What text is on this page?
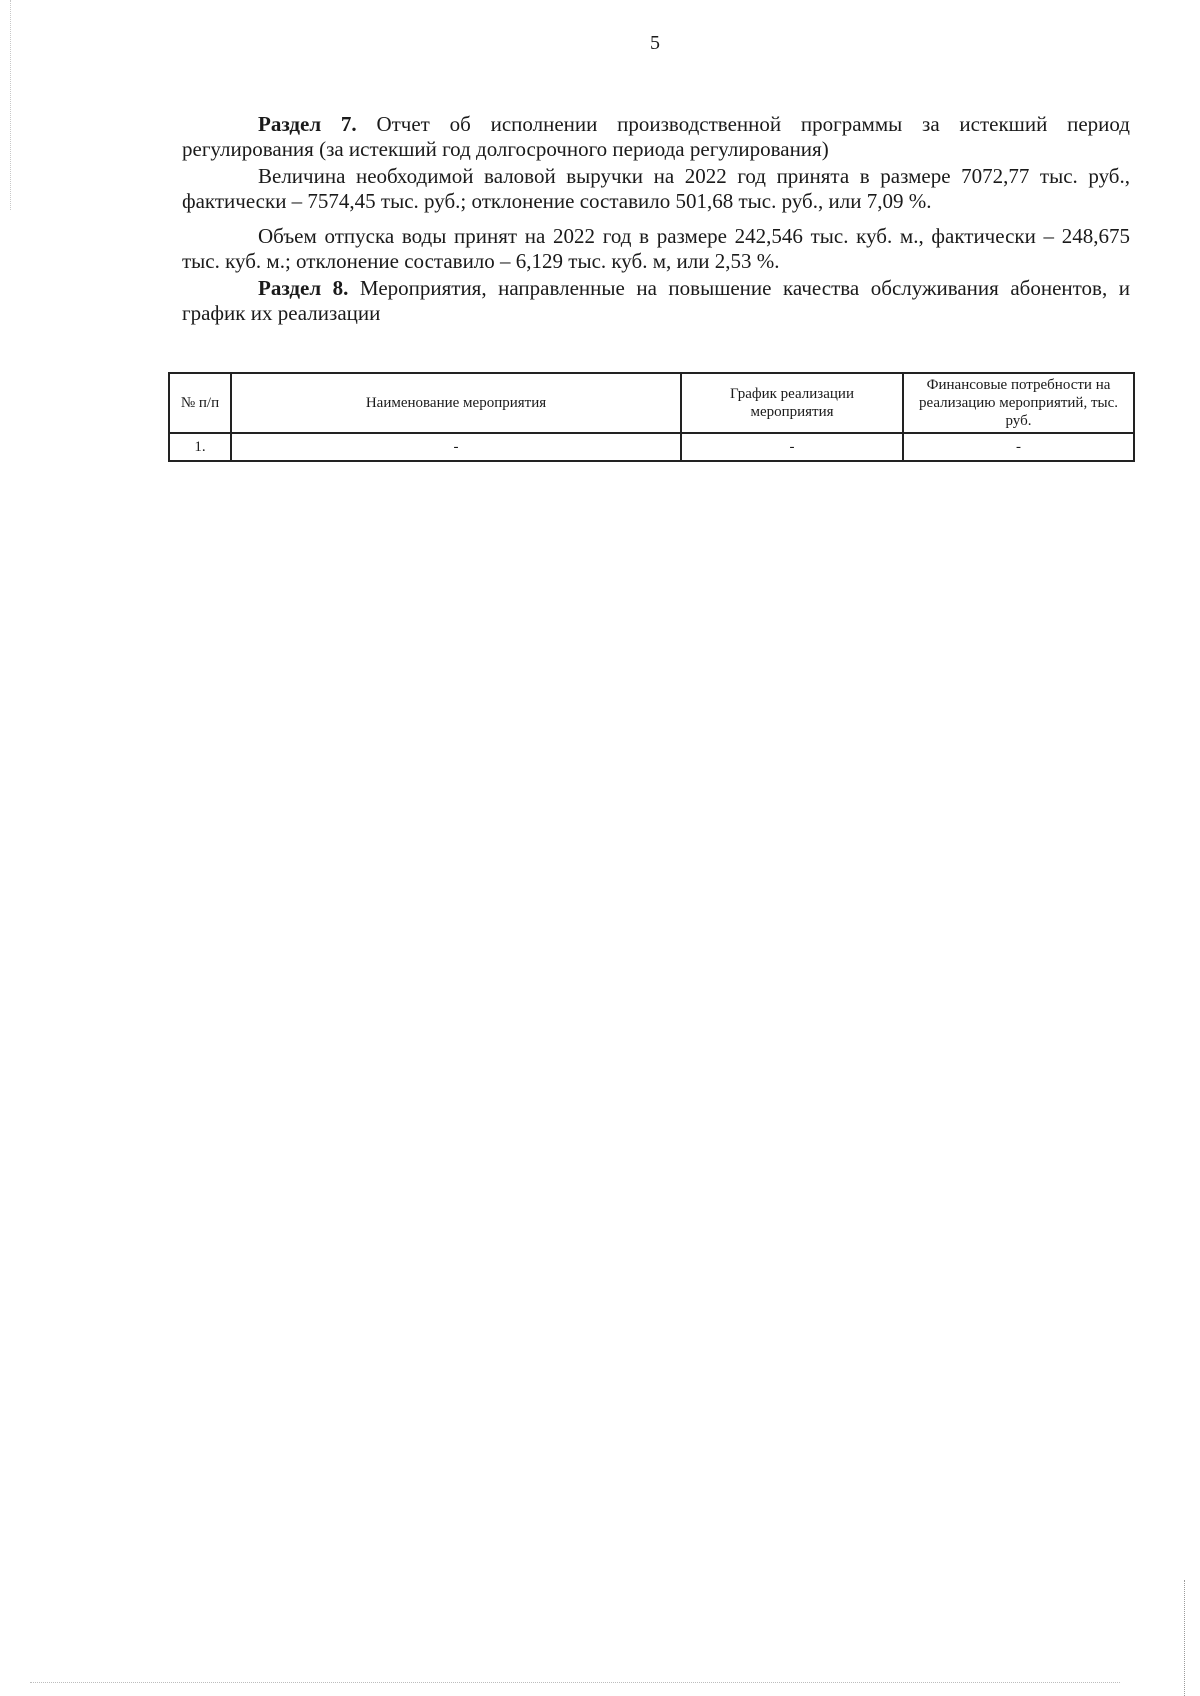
5

Раздел 7. Отчет об исполнении производственной программы за истекший период регулирования (за истекший год долгосрочного периода регулирования)

Величина необходимой валовой выручки на 2022 год принята в размере 7072,77 тыс. руб., фактически – 7574,45 тыс. руб.; отклонение составило 501,68 тыс. руб., или 7,09 %.

Объем отпуска воды принят на 2022 год в размере 242,546 тыс. куб. м., фактически – 248,675 тыс. куб. м.; отклонение составило – 6,129 тыс. куб. м, или 2,53 %.

Раздел 8. Мероприятия, направленные на повышение качества обслуживания абонентов, и график их реализации

№ п/п	Наименование мероприятия	График реализации мероприятия	Финансовые потребности на реализацию мероприятий, тыс. руб.
1.	-	-	-
